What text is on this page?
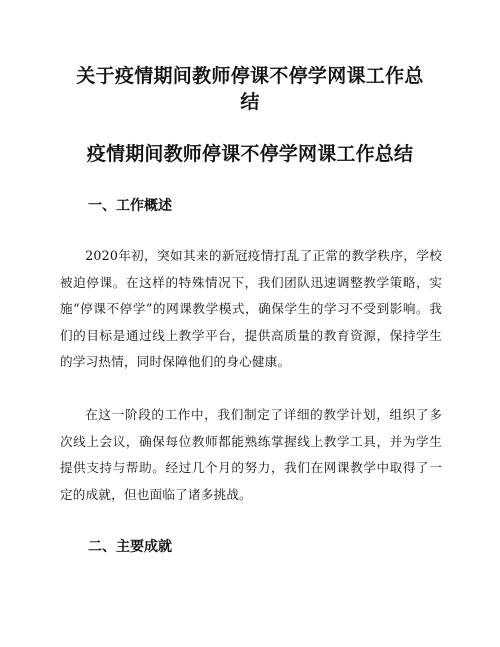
关于疫情期间教师停课不停学网课工作总结
疫情期间教师停课不停学网课工作总结
一、工作概述

2020年初，突如其来的新冠疫情打乱了正常的教学秩序，学校被迫停课。在这样的特殊情况下，我们团队迅速调整教学策略，实施“停课不停学”的网课教学模式，确保学生的学习不受到影响。我们的目标是通过线上教学平台，提供高质量的教育资源，保持学生的学习热情，同时保障他们的身心健康。

在这一阶段的工作中，我们制定了详细的教学计划，组织了多次线上会议，确保每位教师都能熟练掌握线上教学工具，并为学生提供支持与帮助。经过几个月的努力，我们在网课教学中取得了一定的成就，但也面临了诸多挑战。

二、主要成就
